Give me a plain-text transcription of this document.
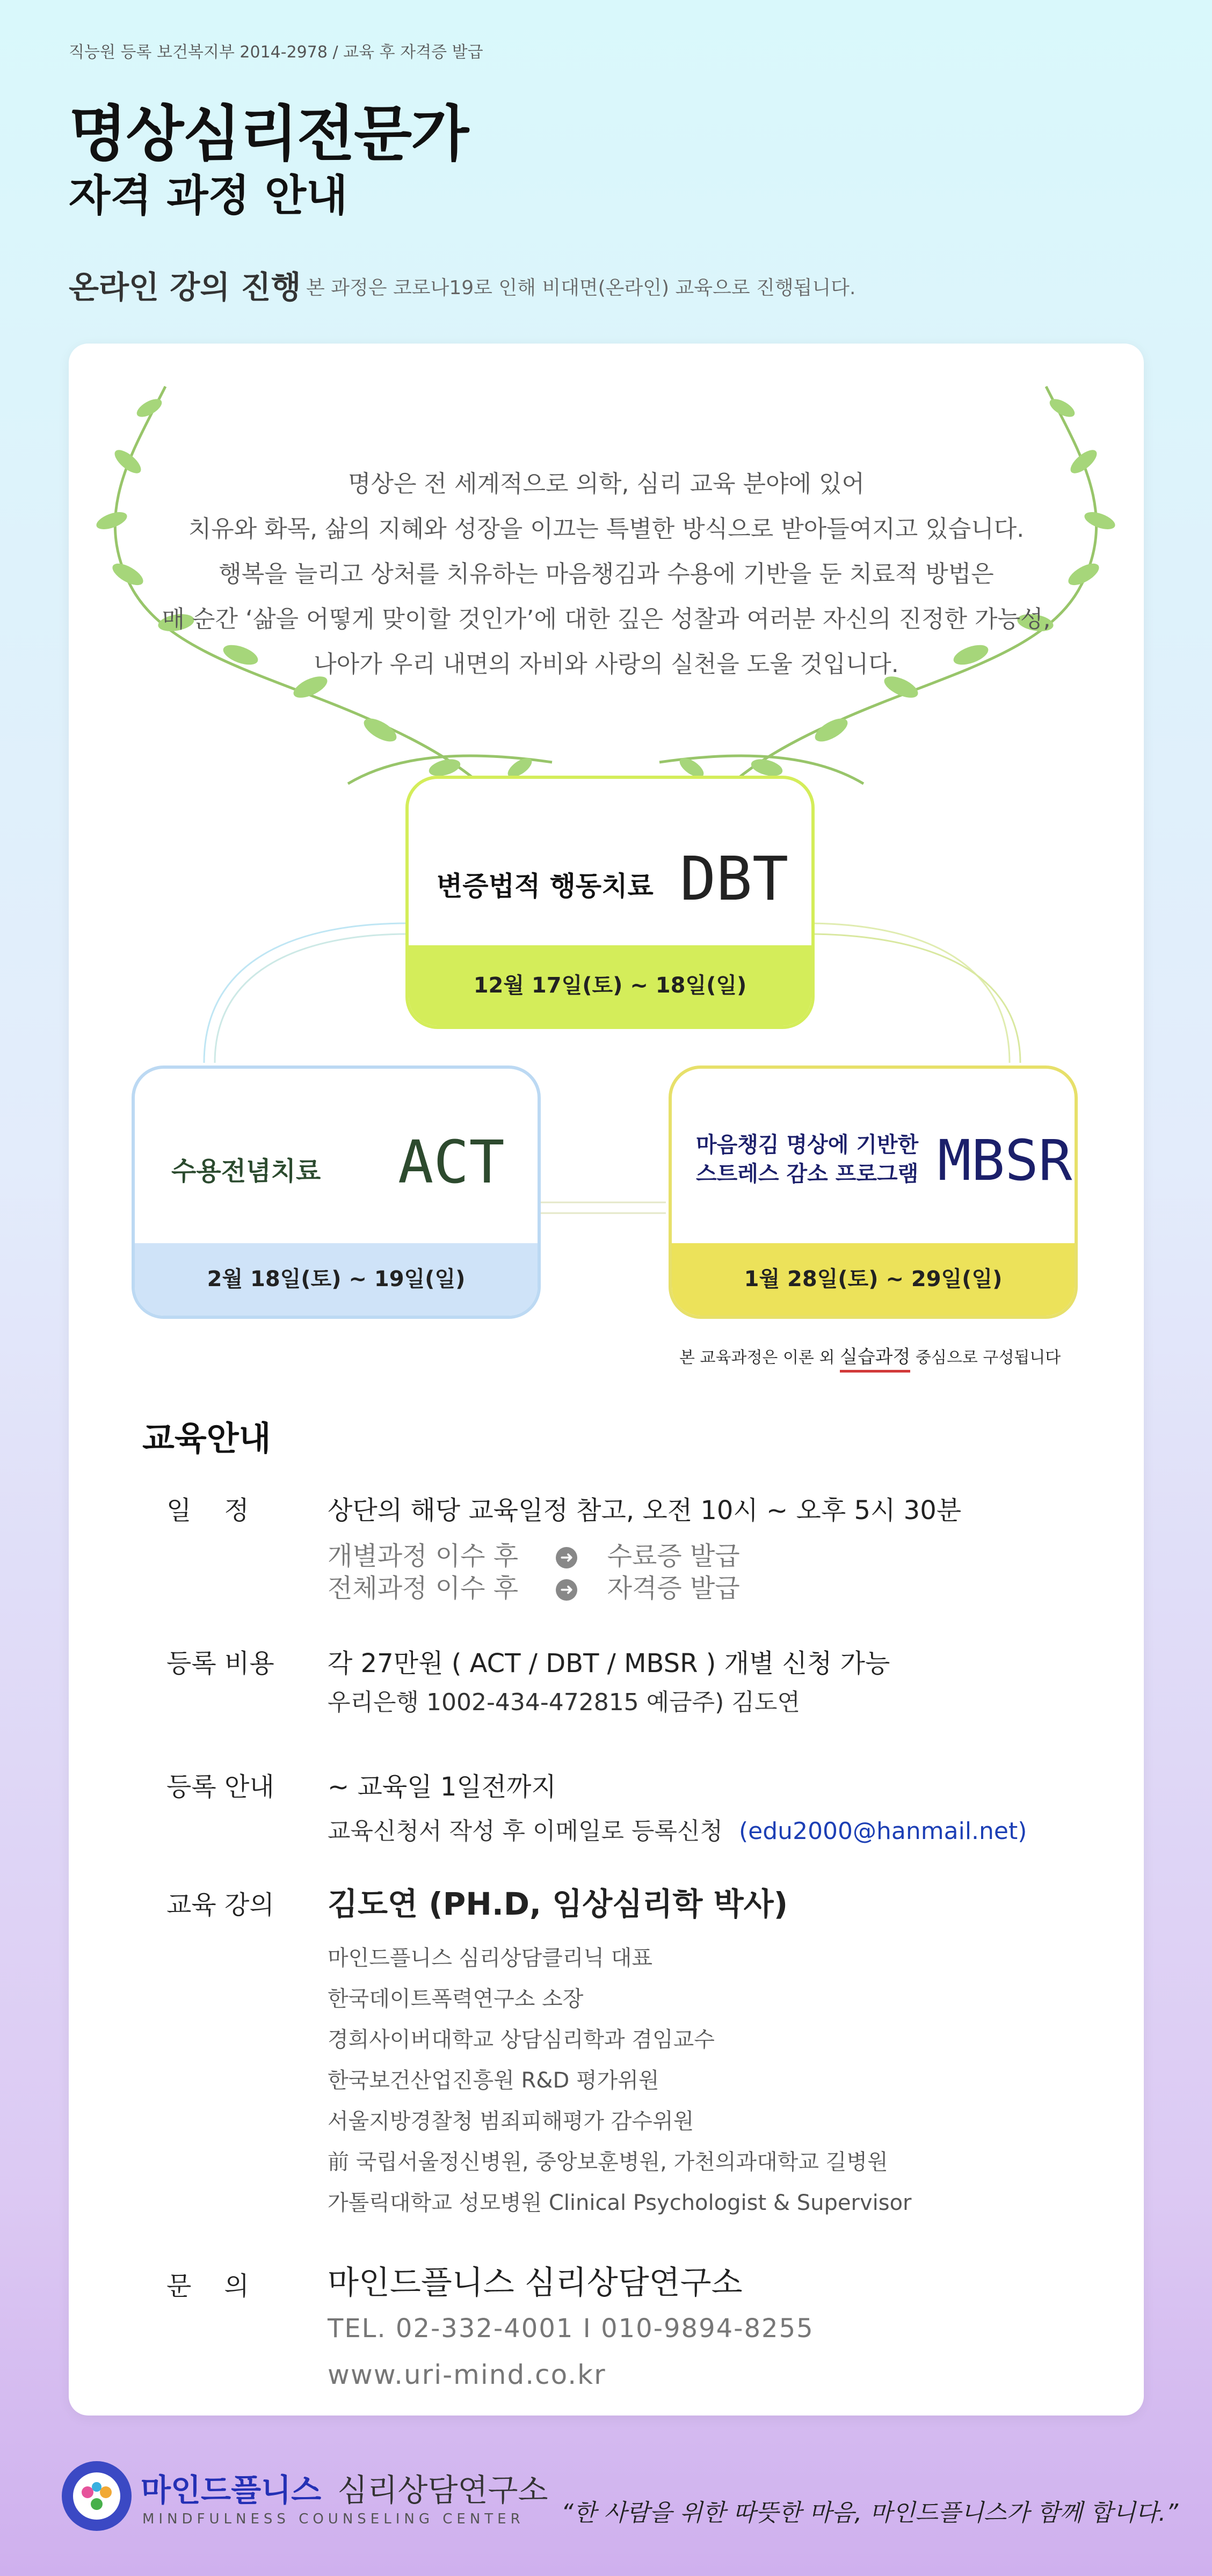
직능원 등록 보건복지부 2014-2978 / 교육 후 자격증 발급
명상심리전문가
자격 과정 안내
온라인 강의 진행 본 과정은 코로나19로 인해 비대면(온라인) 교육으로 진행됩니다.
명상은 전 세계적으로 의학, 심리 교육 분야에 있어
치유와 화목, 삶의 지혜와 성장을 이끄는 특별한 방식으로 받아들여지고 있습니다.
행복을 늘리고 상처를 치유하는 마음챙김과 수용에 기반을 둔 치료적 방법은
매 순간 ‘삶을 어떻게 맞이할 것인가’에 대한 깊은 성찰과 여러분 자신의 진정한 가능성,
나아가 우리 내면의 자비와 사랑의 실천을 도울 것입니다.
변증법적 행동치료 DBT
12월 17일(토) ~ 18일(일)
수용전념치료 ACT
2월 18일(토) ~ 19일(일)
마음챙김 명상에 기반한
스트레스 감소 프로그램 MBSR
1월 28일(토) ~ 29일(일)
본 교육과정은 이론 외 실습과정 중심으로 구성됩니다
교육안내
일    정	상단의 해당 교육일정 참고, 오전 10시 ~ 오후 5시 30분
개별과정 이수 후	➜ 수료증 발급
전체과정 이수 후	➜ 자격증 발급
등록 비용 각 27만원 ( ACT / DBT / MBSR ) 개별 신청 가능
우리은행 1002-434-472815 예금주) 김도연
등록 안내 ~ 교육일 1일전까지
교육신청서 작성 후 이메일로 등록신청 (edu2000@hanmail.net)
교육 강의 김도연 (PH.D, 임상심리학 박사)
마인드플니스 심리상담클리닉 대표
한국데이트폭력연구소 소장
경희사이버대학교 상담심리학과 겸임교수
한국보건산업진흥원 R&D 평가위원
서울지방경찰청 범죄피해평가 감수위원
前 국립서울정신병원, 중앙보훈병원, 가천의과대학교 길병원
가톨릭대학교 성모병원 Clinical Psychologist & Supervisor
문    의 마인드플니스 심리상담연구소
TEL. 02-332-4001 I 010-9894-8255
www.uri-mind.co.kr
마인드플니스 심리상담연구소
MINDFULNESS COUNSELING CENTER “한 사람을 위한 따뜻한 마음, 마인드플니스가 함께 합니다.”
